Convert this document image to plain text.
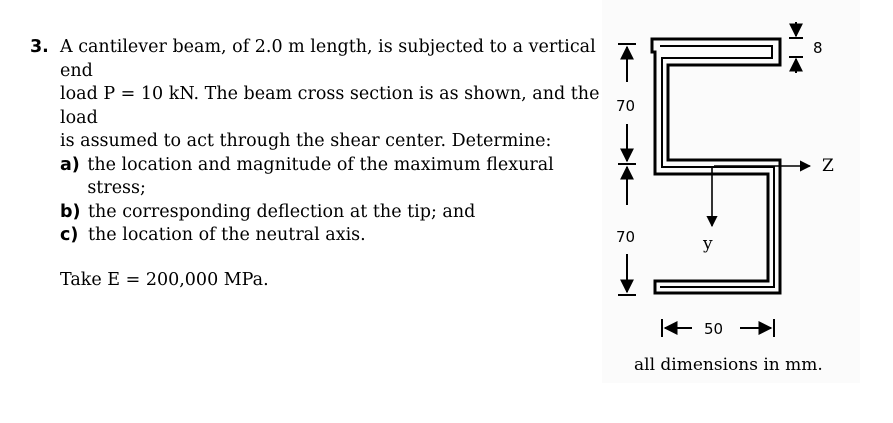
3. A cantilever beam, of 2.0 m length, is subjected to a vertical end
load P = 10 kN. The beam cross section is as shown, and the load
is assumed to act through the shear center. Determine:
a) the location and magnitude of the maximum flexural stress;
b) the corresponding deflection at the tip; and
c) the location of the neutral axis.
Take E = 200,000 MPa.
8
70
70
50
Z
y
all dimensions in mm.
